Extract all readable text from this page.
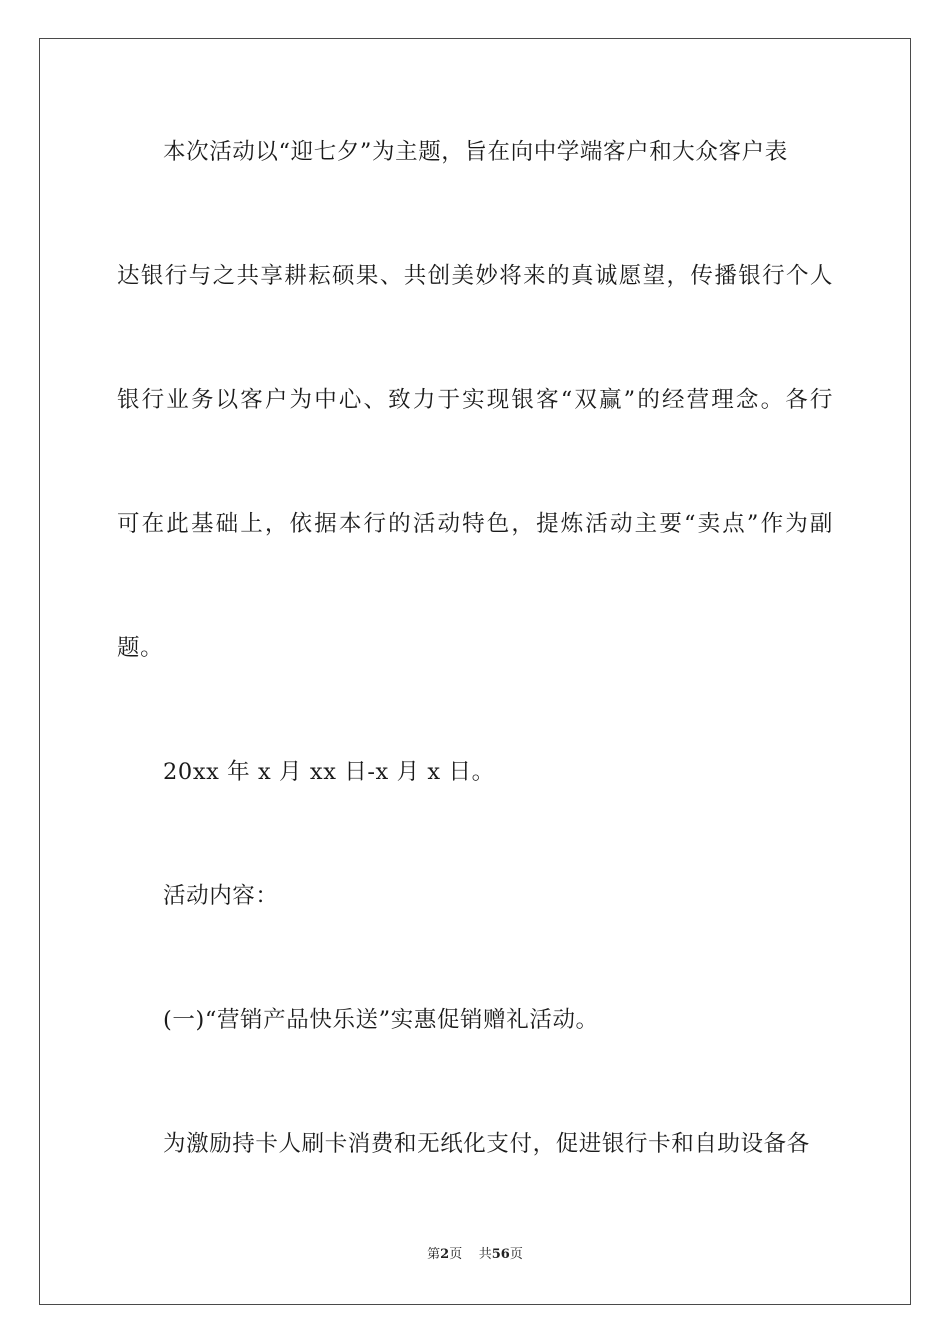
本次活动以“迎七夕”为主题，旨在向中学端客户和大众客户表
达银行与之共享耕耘硕果、共创美妙将来的真诚愿望，传播银行个人
银行业务以客户为中心、致力于实现银客“双赢”的经营理念。各行
可在此基础上，依据本行的活动特色，提炼活动主要“卖点”作为副
题。
20xx 年 x 月 xx 日-x 月 x 日。
活动内容：
(一)“营销产品快乐送”实惠促销赠礼活动。
为激励持卡人刷卡消费和无纸化支付，促进银行卡和自助设备各
第2页 共56页
